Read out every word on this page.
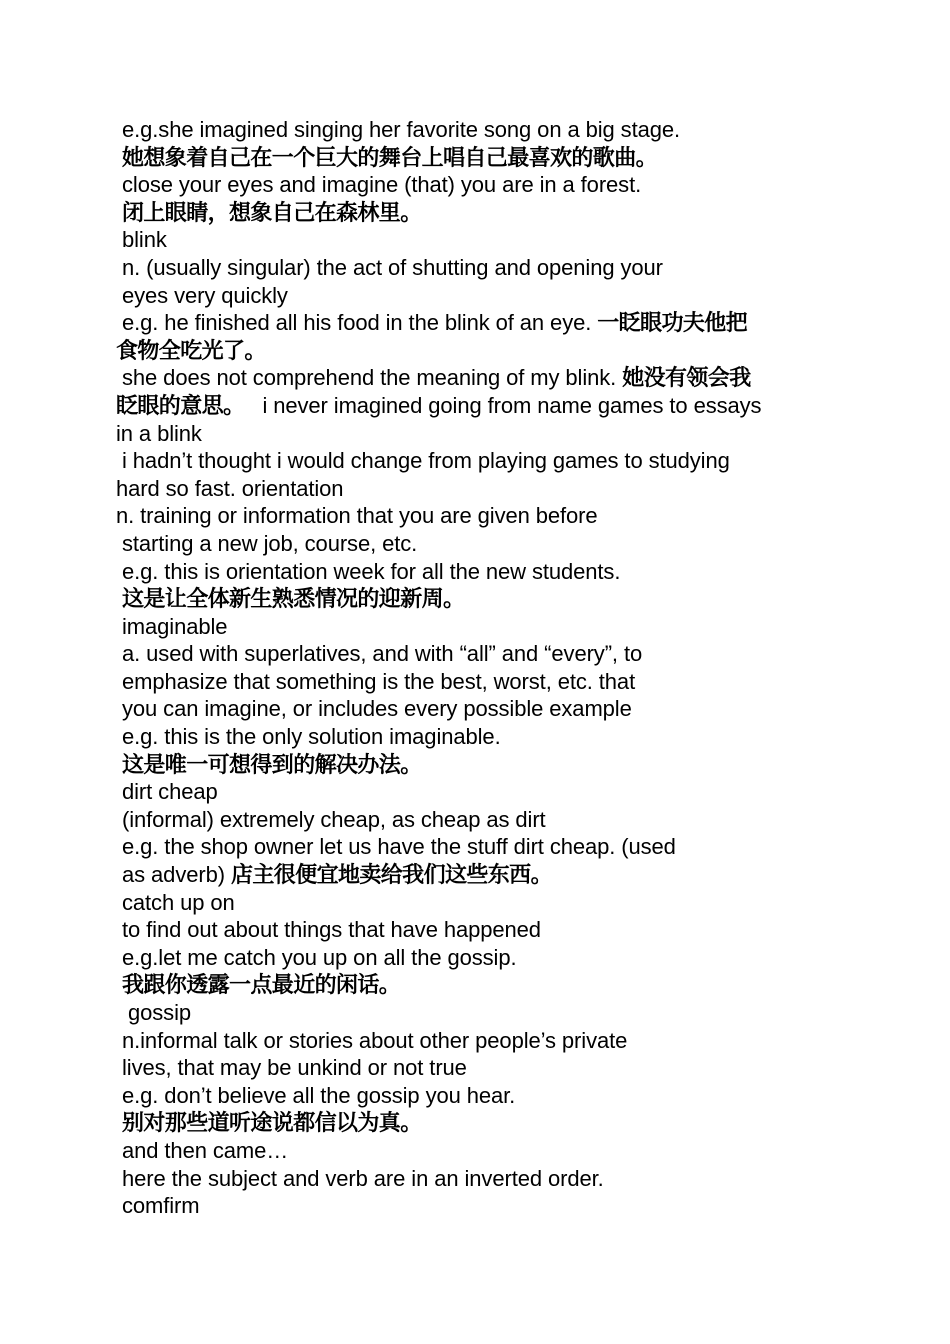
e.g.she imagined singing her favorite song on a big stage.
她想象着自己在一个巨大的舞台上唱自己最喜欢的歌曲。
close your eyes and imagine (that) you are in a forest.
闭上眼睛，想象自己在森林里。
blink
n. (usually singular) the act of shutting and opening your
eyes very quickly
e.g. he finished all his food in the blink of an eye. 一眨眼功夫他把
食物全吃光了。
she does not comprehend the meaning of my blink. 她没有领会我
眨眼的意思。   i never imagined going from name games to essays
in a blink
i hadn’t thought i would change from playing games to studying
hard so fast. orientation
n. training or information that you are given before
starting a new job, course, etc.
e.g. this is orientation week for all the new students.
这是让全体新生熟悉情况的迎新周。
imaginable
a. used with superlatives, and with “all” and “every”, to
emphasize that something is the best, worst, etc. that
you can imagine, or includes every possible example
e.g. this is the only solution imaginable.
这是唯一可想得到的解决办法。
dirt cheap
(informal) extremely cheap, as cheap as dirt
e.g. the shop owner let us have the stuff dirt cheap. (used
as adverb) 店主很便宜地卖给我们这些东西。
catch up on
to find out about things that have happened
e.g.let me catch you up on all the gossip.
我跟你透露一点最近的闲话。
gossip
n.informal talk or stories about other people’s private
lives, that may be unkind or not true
e.g. don’t believe all the gossip you hear.
别对那些道听途说都信以为真。
and then came…
here the subject and verb are in an inverted order.
comfirm
